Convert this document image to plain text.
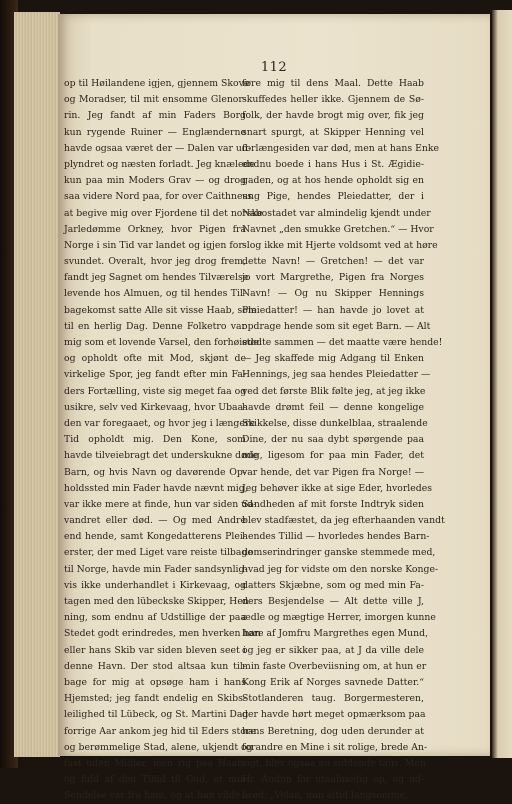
112
op til Høilandene igjen, gjennem Skove
og Moradser, til mit ensomme Glenor-
rin. Jeg fandt af min Faders Borg
kun rygende Ruiner — Englænderne
havde ogsaa været der — Dalen var ud-
plyndret og næsten forladt. Jeg knælede
kun paa min Moders Grav — og drog
saa videre Nord paa, for over Caithness
at begive mig over Fjordene til det norske
Jarledømme Orkney, hvor Pigen fra
Norge i sin Tid var landet og igjen for-
svundet. Overalt, hvor jeg drog frem,
fandt jeg Sagnet om hendes Tilværelse
levende hos Almuen, og til hendes Til-
bagekomst satte Alle sit visse Haab, som
til en herlig Dag. Denne Folketro var
mig som et lovende Varsel, den forhøiede
og opholdt ofte mit Mod, skjønt de
virkelige Spor, jeg fandt efter min Fa-
ders Fortælling, viste sig meget faa og
usikre, selv ved Kirkevaag, hvor Ubaa-
den var foregaaet, og hvor jeg i længere
Tid opholdt mig. Den Kone, som
havde tilveiebragt det underskukne døde
Barn, og hvis Navn og davørende Op-
holdssted min Fader havde nævnt mig,
var ikke mere at finde, hun var siden ud-
vandret eller død. — Og med Andre
end hende, samt Kongedatterens Plei-
erster, der med Liget vare reiste tilbage
til Norge, havde min Fader sandsynlig-
vis ikke underhandlet i Kirkevaag, og
tagen med den lübeckske Skipper, Hen-
ning, som endnu af Udstillige der paa
Stedet godt erindredes, men hverken han
eller hans Skib var siden bleven seet i
denne Havn. Der stod altsaa kun til-
bage for mig at opsøge ham i hans
Hjemsted; jeg fandt endelig en Skibs-
leilighed til Lübeck, og St. Martini Dag
forrige Aar ankom jeg hid til Eders store
og berømmelige Stad, alene, ukjendt og
fast uden Midler, men rig paa Haab,
og fuld af den Tillid til Gud, at min
Sendelse var fra ham, og at han vilde
føre mig til dens Maal. Dette Haab
skuffedes heller ikke. Gjennem de Sø-
folk, der havde brogt mig over, fik jeg
snart spurgt, at Skipper Henning vel
forlængesiden var død, men at hans Enke
endnu boede i hans Hus i St. Ægidie-
gaden, og at hos hende opholdt sig en
ung Pige, hendes Pleiedatter, der i
Nabostadet var almindelig kjendt under
Navnet „den smukke Gretchen.“ — Hvor
slog ikke mit Hjerte voldsomt ved at høre
dette Navn! — Gretchen! — det var
jo vort Margrethe, Pigen fra Norges
Navn! — Og nu Skipper Hennings
Pleiedatter! — han havde jo lovet at
opdrage hende som sit eget Barn. — Alt
stødte sammen — det maatte være hende!
— Jeg skaffede mig Adgang til Enken
Hennings, jeg saa hendes Pleiedatter —
ved det første Blik følte jeg, at jeg ikke
havde drømt feil — denne kongelige
Skikkelse, disse dunkelblaa, straalende
Dine, der nu saa dybt spørgende paa
mig, ligesom for paa min Fader, det
var hende, det var Pigen fra Norge! —
Jeg behøver ikke at sige Eder, hvorledes
Sandheden af mit forste Indtryk siden
blev stadfæstet, da jeg efterhaanden vandt
hendes Tillid — hvorledes hendes Barn-
domserindringer ganske stemmede med,
hvad jeg for vidste om den norske Konge-
datters Skjæbne, som og med min Fa-
ders Besjendelse — Alt dette ville J,
ædle og mægtige Herrer, imorgen kunne
høre af Jomfru Margrethes egen Mund,
og jeg er sikker paa, at J da ville dele
min faste Overbeviisning om, at hun er
Kong Erik af Norges savnede Datter.“
Stotlanderen taug. Borgermesteren,
der havde hørt meget opmærksom paa
hans Beretning, dog uden derunder at
forandre en Mine i sit rolige, brede An-
sigt, blev ogsaa nu siddende taus. Men
Hr. Audun for utaalmodig op, og ud-
brød: „Velan, min altid langsomme,
